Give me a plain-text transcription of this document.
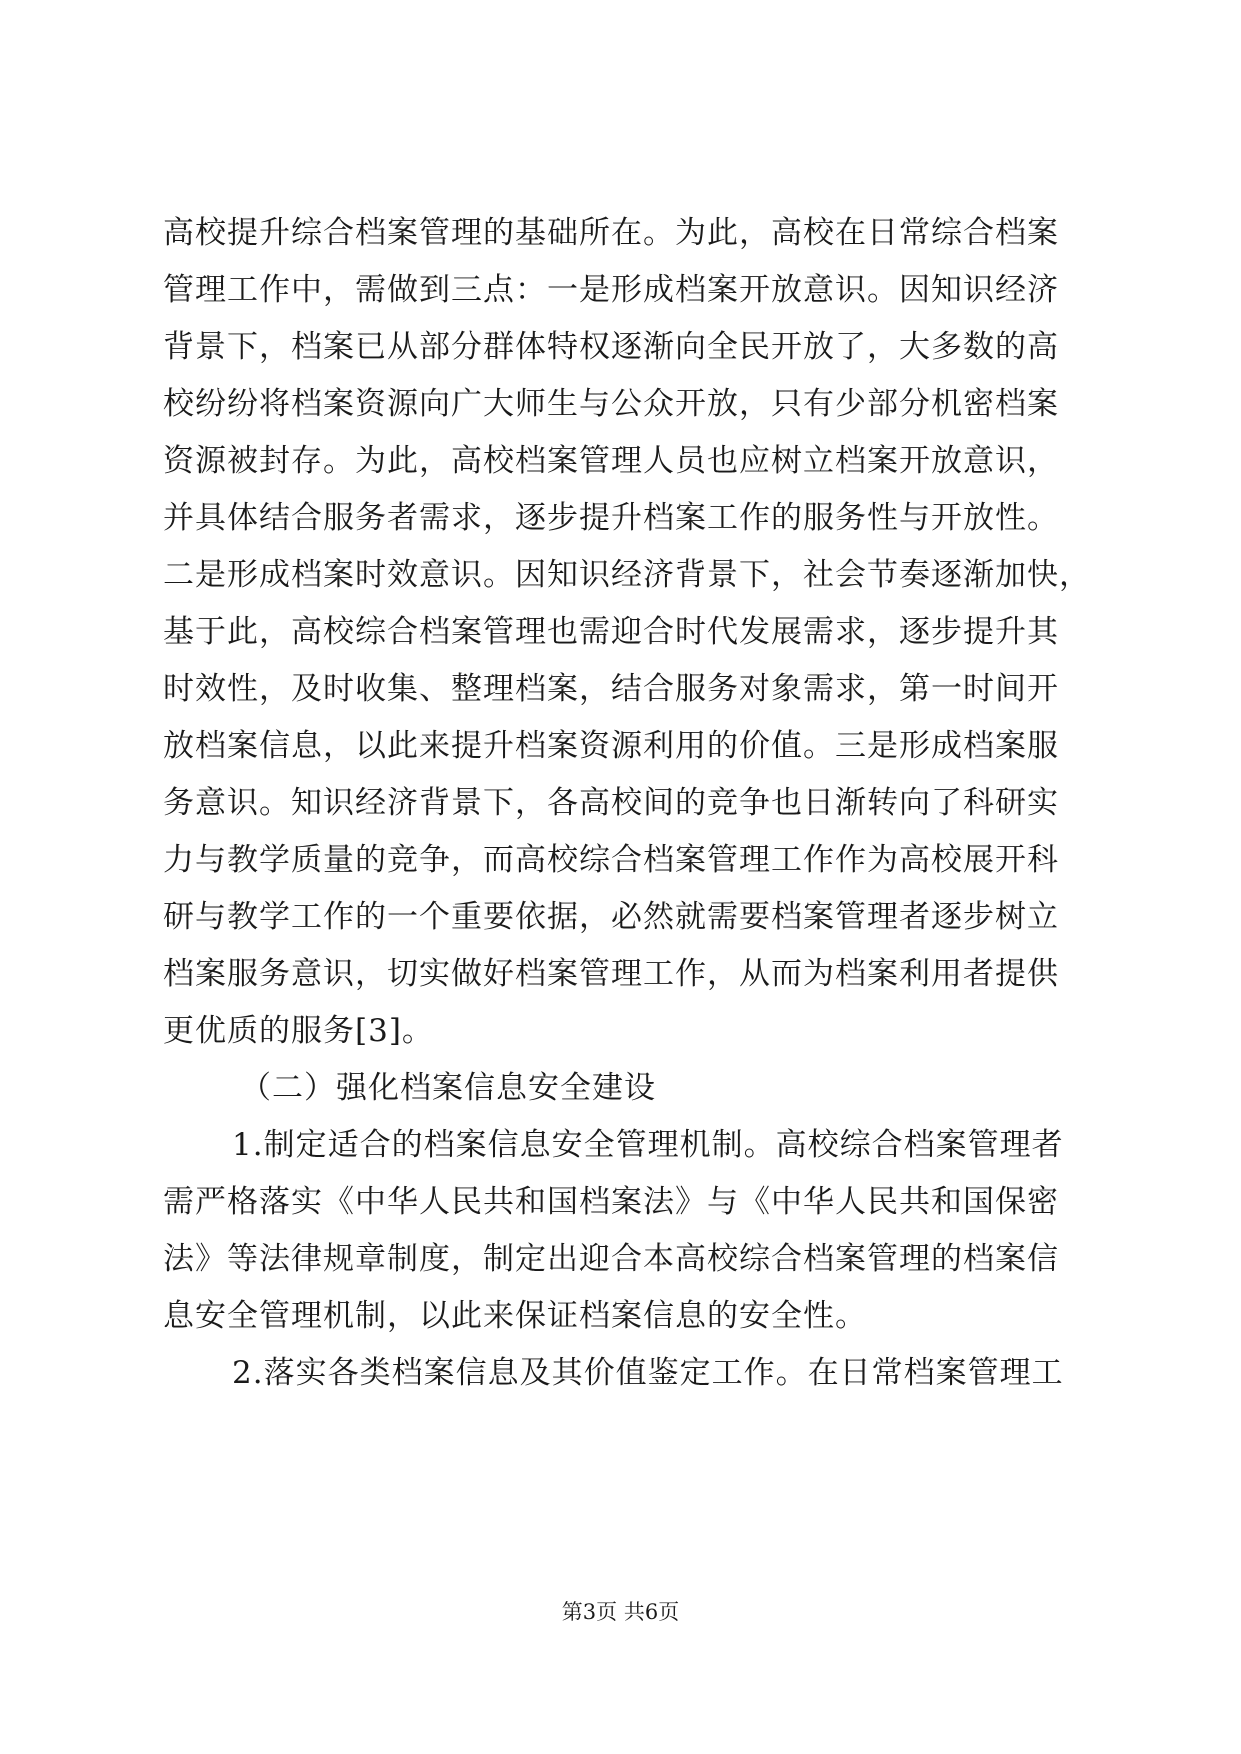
高校提升综合档案管理的基础所在。为此，高校在日常综合档案
管理工作中，需做到三点：一是形成档案开放意识。因知识经济
背景下，档案已从部分群体特权逐渐向全民开放了，大多数的高
校纷纷将档案资源向广大师生与公众开放，只有少部分机密档案
资源被封存。为此，高校档案管理人员也应树立档案开放意识，
并具体结合服务者需求，逐步提升档案工作的服务性与开放性。
二是形成档案时效意识。因知识经济背景下，社会节奏逐渐加快，
基于此，高校综合档案管理也需迎合时代发展需求，逐步提升其
时效性，及时收集、整理档案，结合服务对象需求，第一时间开
放档案信息，以此来提升档案资源利用的价值。三是形成档案服
务意识。知识经济背景下，各高校间的竞争也日渐转向了科研实
力与教学质量的竞争，而高校综合档案管理工作作为高校展开科
研与教学工作的一个重要依据，必然就需要档案管理者逐步树立
档案服务意识，切实做好档案管理工作，从而为档案利用者提供
更优质的服务[3]。
（二）强化档案信息安全建设
1.制定适合的档案信息安全管理机制。高校综合档案管理者
需严格落实《中华人民共和国档案法》与《中华人民共和国保密
法》等法律规章制度，制定出迎合本高校综合档案管理的档案信
息安全管理机制，以此来保证档案信息的安全性。
2.落实各类档案信息及其价值鉴定工作。在日常档案管理工
第3页 共6页
